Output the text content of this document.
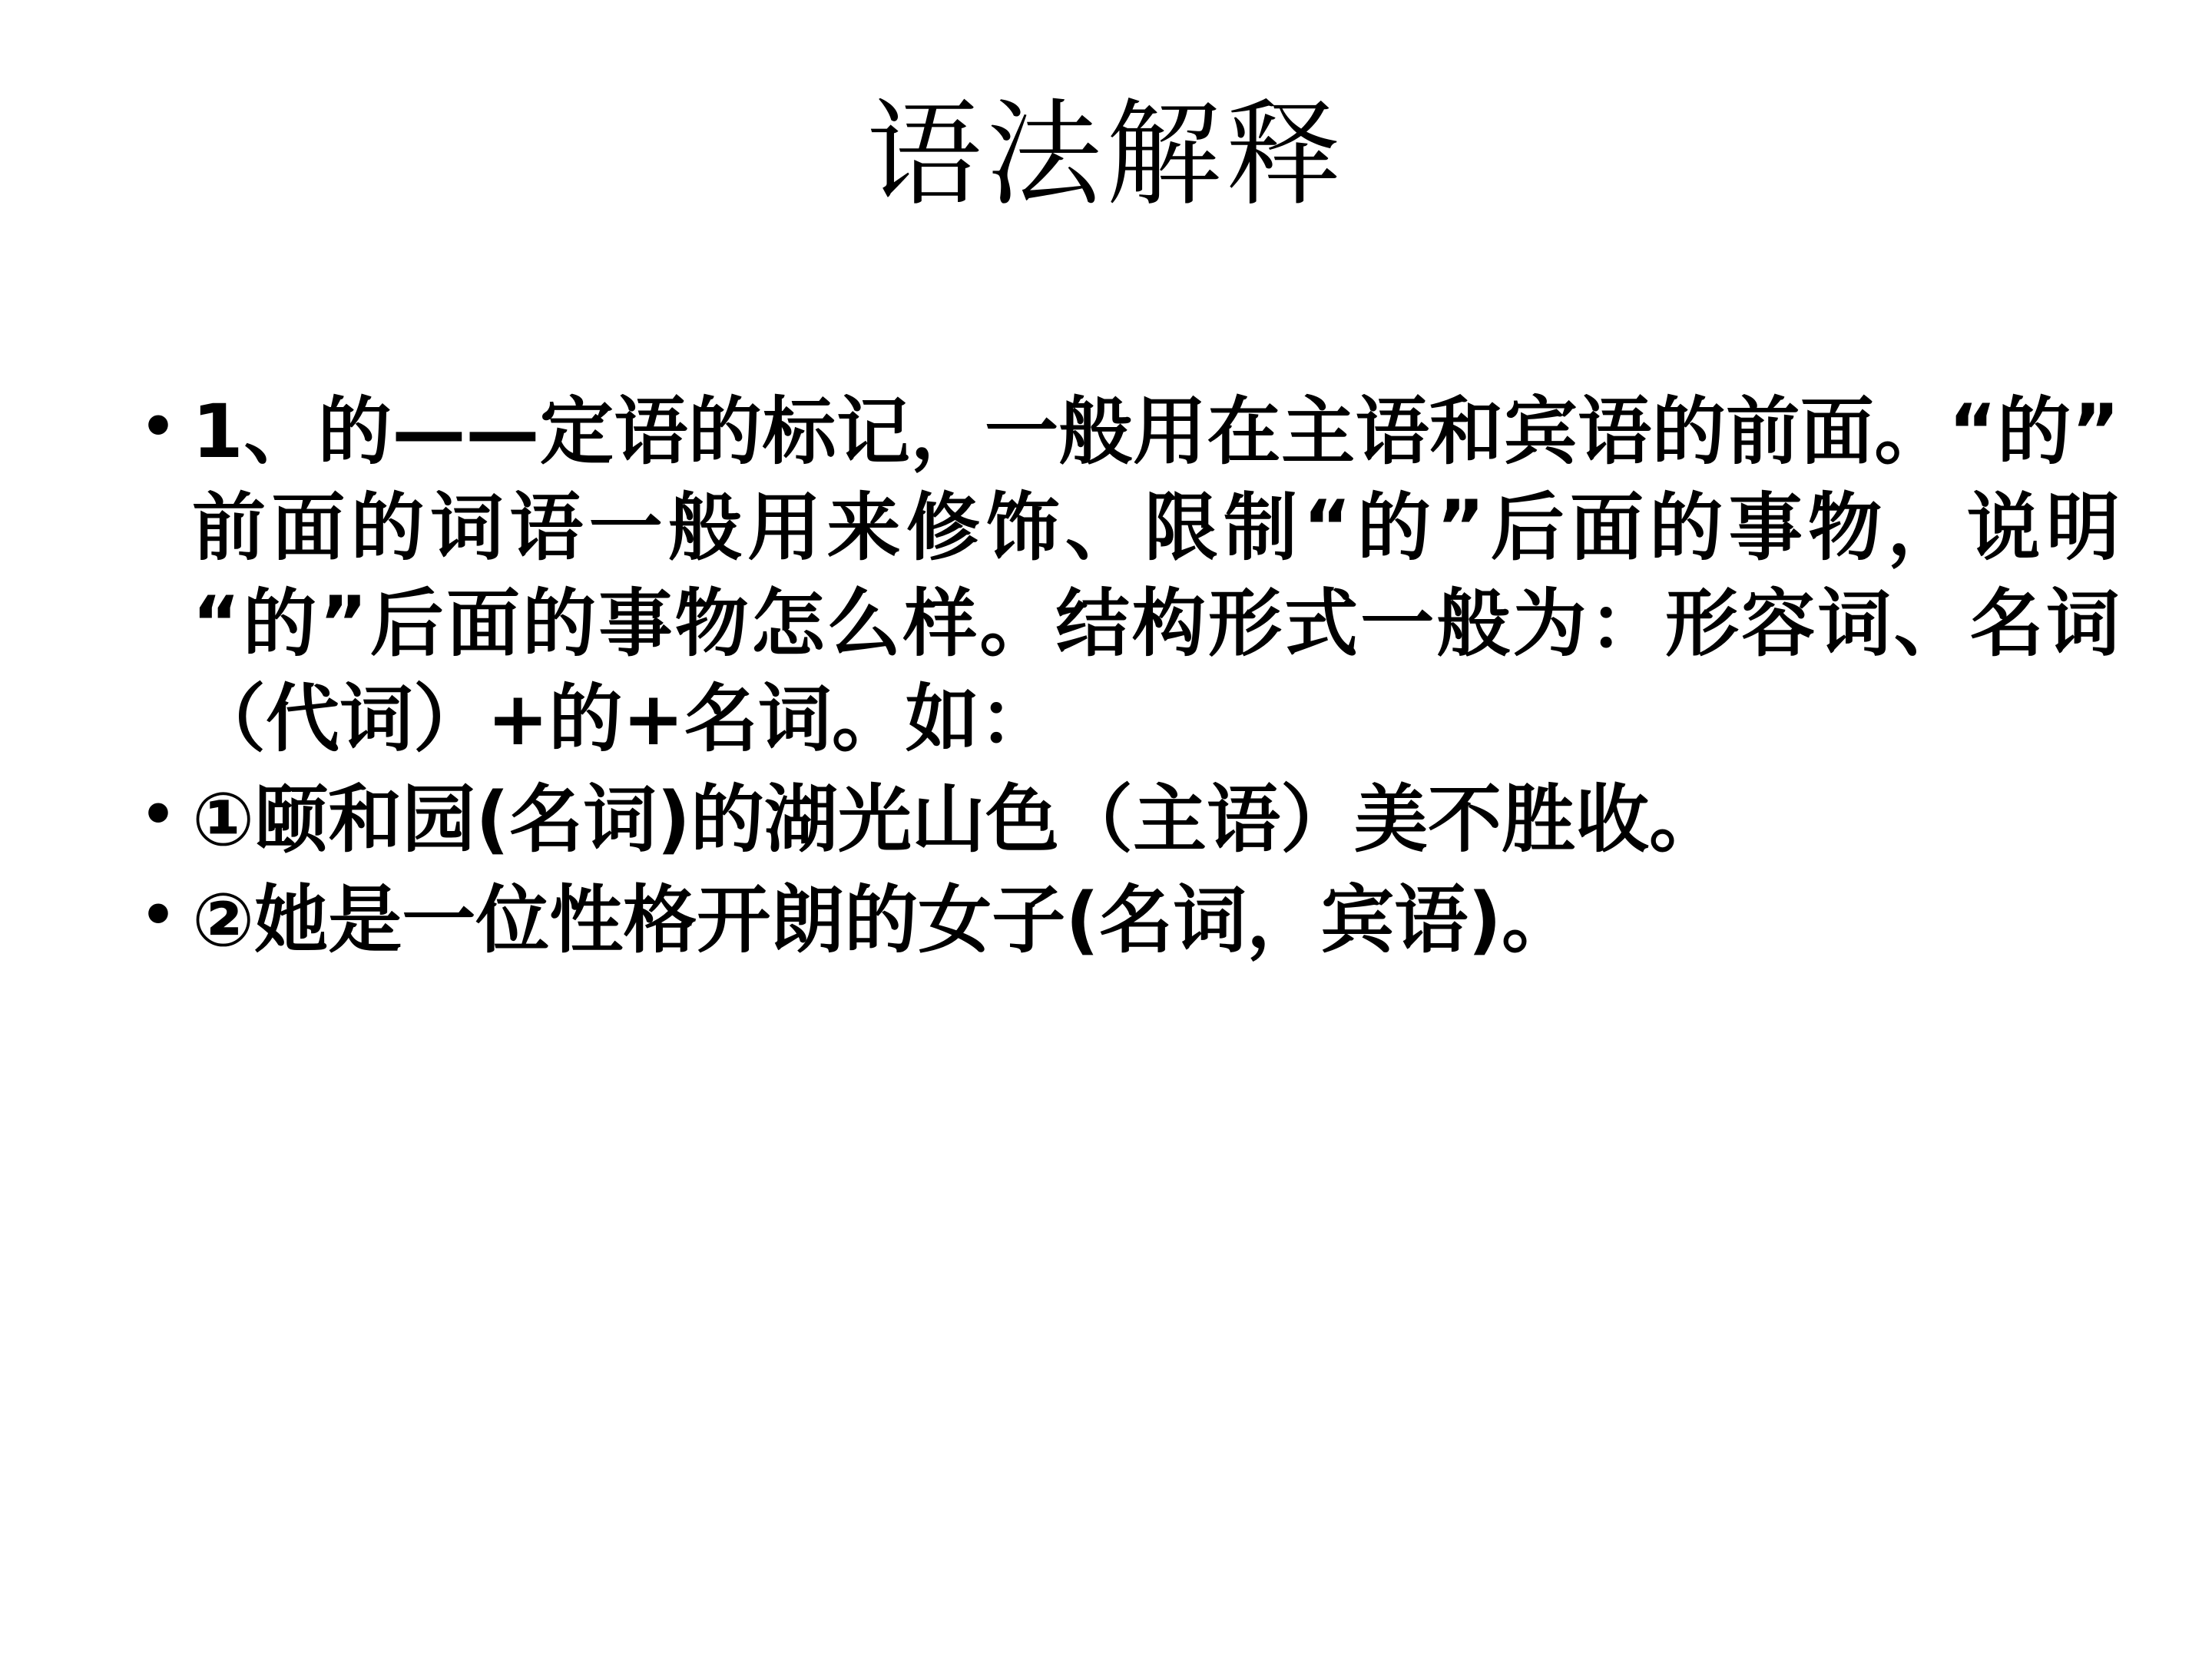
语法解释
• 1、的——定语的标记，一般用在主语和宾语的前面。“的”前面的词语一般用来修饰、限制“的”后面的事物，说明“的”后面的事物怎么样。结构形式一般为：形容词、名词（代词）+的+名词。如：
• ①颐和园(名词)的湖光山色（主语）美不胜收。
• ②她是一位性格开朗的女子(名词，宾语)。
